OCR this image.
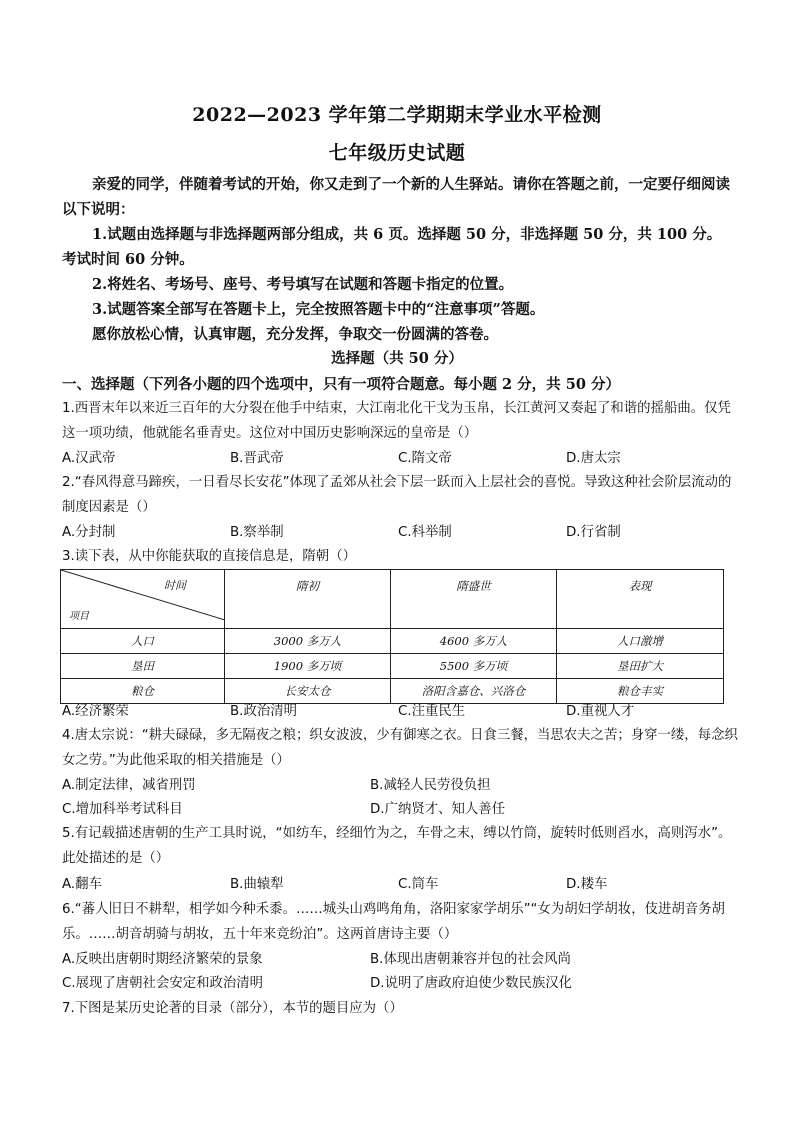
2022—2023 学年第二学期期末学业水平检测
七年级历史试题

亲爱的同学，伴随着考试的开始，你又走到了一个新的人生驿站。请你在答题之前，一定要仔细阅读以下说明：

1.试题由选择题与非选择题两部分组成，共 6 页。选择题 50 分，非选择题 50 分，共 100 分。考试时间 60 分钟。

2.将姓名、考场号、座号、考号填写在试题和答题卡指定的位置。

3.试题答案全部写在答题卡上，完全按照答题卡中的“注意事项”答题。

愿你放松心情，认真审题，充分发挥，争取交一份圆满的答卷。

选择题（共 50 分）
一、选择题（下列各小题的四个选项中，只有一项符合题意。每小题 2 分，共 50 分）

1.西晋末年以来近三百年的大分裂在他手中结束，大江南北化干戈为玉帛，长江黄河又奏起了和谐的摇船曲。仅凭这一项功绩，他就能名垂青史。这位对中国历史影响深远的皇帝是（）

A.汉武帝	B.晋武帝	C.隋文帝	D.唐太宗

2.“春风得意马蹄疾，一日看尽长安花”体现了孟郊从社会下层一跃而入上层社会的喜悦。导致这种社会阶层流动的制度因素是（）

A.分封制	B.察举制	C.科举制	D.行省制

3.读下表，从中你能获取的直接信息是，隋朝（）

时间
项目	隋初	隋盛世	表现
人口	3000 多万人	4600 多万人	人口激增
垦田	1900 多万顷	5500 多万顷	垦田扩大
粮仓	长安太仓	洛阳含嘉仓、兴洛仓	粮仓丰实
A.经济繁荣	B.政治清明	C.注重民生	D.重视人才

4.唐太宗说：“耕夫碌碌，多无隔夜之粮；织女波波，少有御寒之衣。日食三餐，当思农夫之苦；身穿一缕，每念织女之劳。”为此他采取的相关措施是（）

A.制定法律，减省刑罚	B.减轻人民劳役负担
C.增加科举考试科目	D.广纳贤才、知人善任

5.有记载描述唐朝的生产工具时说，“如纺车，经细竹为之，车骨之末，缚以竹筒，旋转时低则舀水，高则泻水”。此处描述的是（）

A.翻车	B.曲辕犁	C.筒车	D.耧车

6.“蕃人旧日不耕犁，相学如今种禾黍。……城头山鸡鸣角角，洛阳家家学胡乐”“女为胡妇学胡妆，伎进胡音务胡乐。……胡音胡骑与胡妆，五十年来竞纷泊”。这两首唐诗主要（）

A.反映出唐朝时期经济繁荣的景象	B.体现出唐朝兼容并包的社会风尚
C.展现了唐朝社会安定和政治清明	D.说明了唐政府迫使少数民族汉化

7.下图是某历史论著的目录（部分），本节的题目应为（）
